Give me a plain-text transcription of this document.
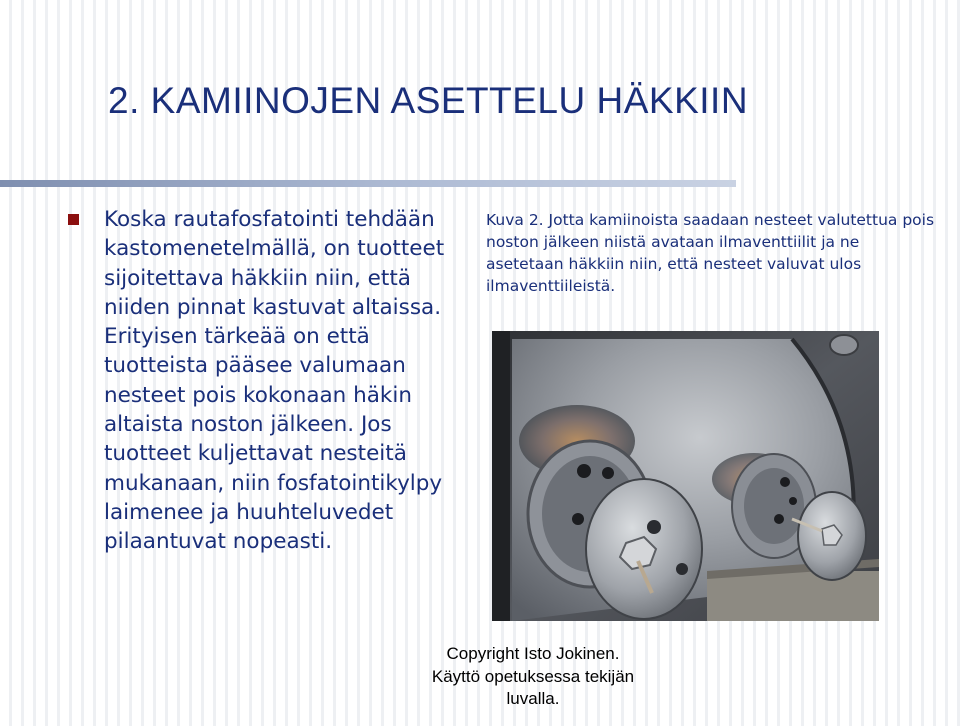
2. KAMIINOJEN ASETTELU HÄKKIIN

Koska rautafosfatointi tehdään kastomenetelmällä, on tuotteet sijoitettava häkkiin niin, että niiden pinnat kastuvat altaissa. Erityisen tärkeää on että tuotteista pääsee valumaan nesteet pois kokonaan häkin altaista noston jälkeen. Jos tuotteet kuljettavat nesteitä mukanaan, niin fosfatointikylpy laimenee ja huuhteluvedet pilaantuvat nopeasti.

Kuva 2. Jotta kamiinoista saadaan nesteet valutettua pois noston jälkeen niistä avataan ilmaventtiilit ja ne asetetaan häkkiin niin, että nesteet valuvat ulos ilmaventtiileistä.

Copyright Isto Jokinen.
Käyttö opetuksessa tekijän
luvalla.
